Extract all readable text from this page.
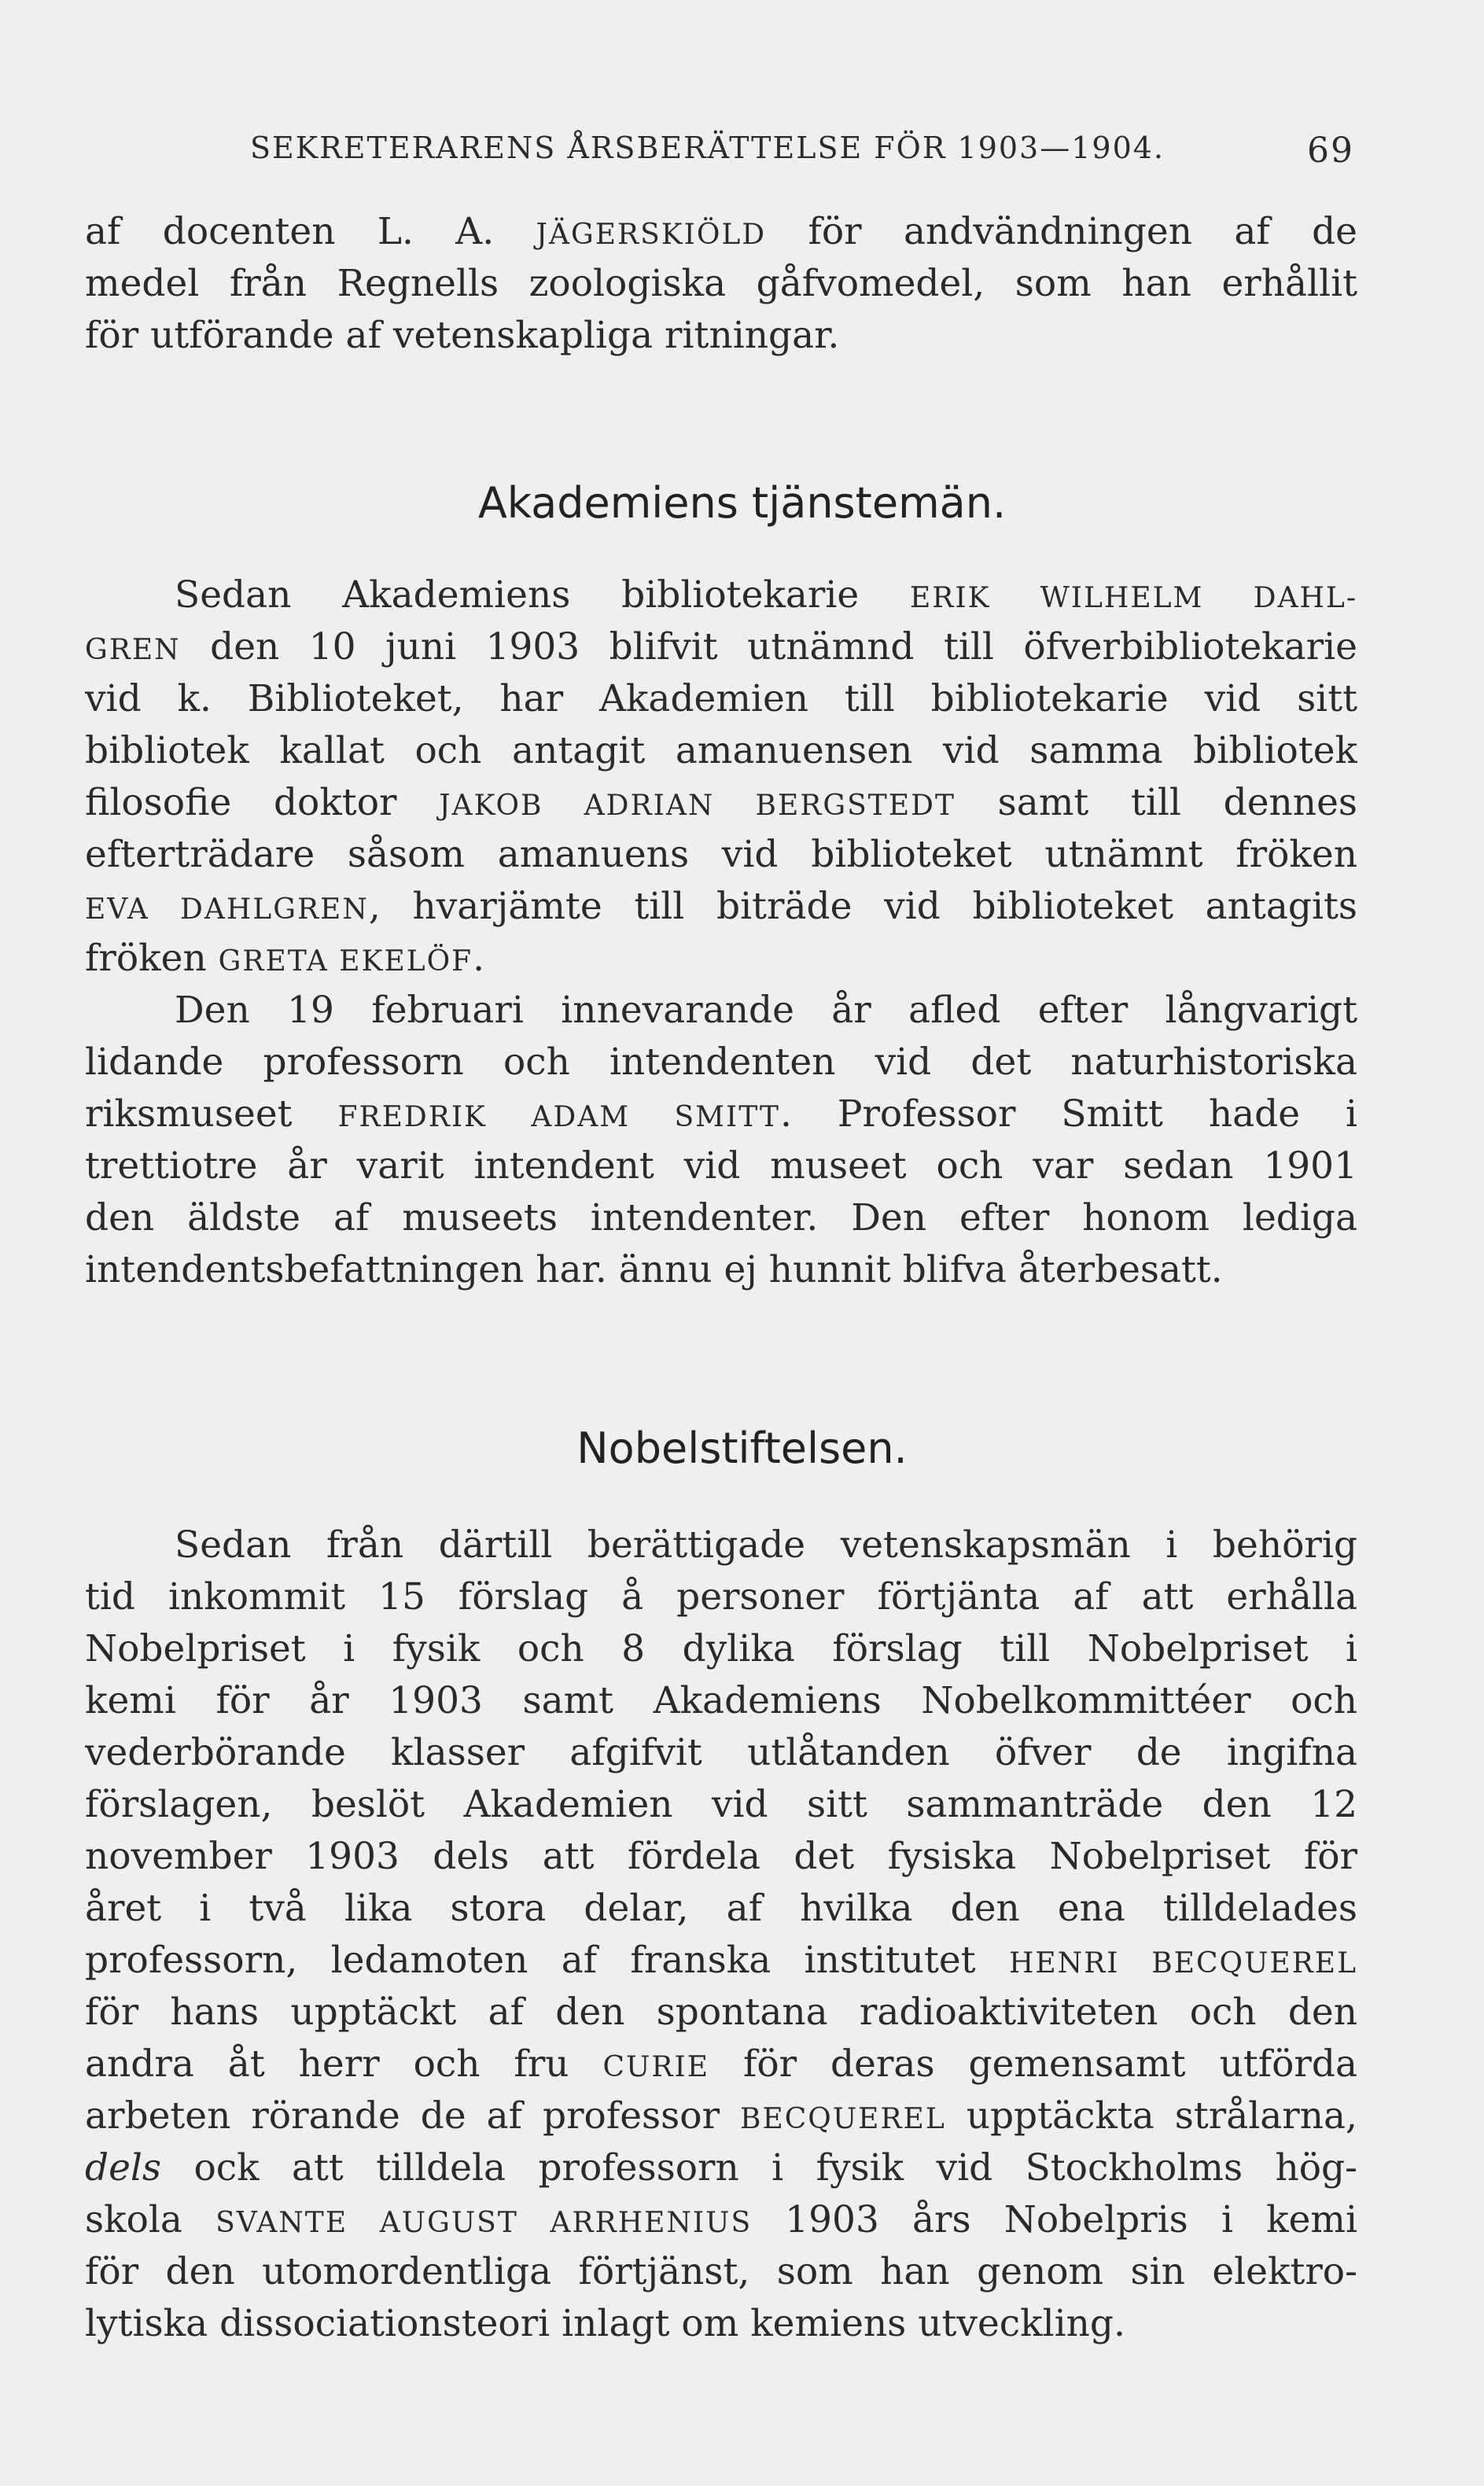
SEKRETERARENS ÅRSBERÄTTELSE FÖR 1903—1904.	69
af docenten L. A. JÄGERSKIÖLD för andvändningen af de
medel från Regnells zoologiska gåfvomedel, som han erhållit
för utförande af vetenskapliga ritningar.
Akademiens tjänstemän.
Sedan Akademiens bibliotekarie ERIK WILHELM DAHL-
GREN den 10 juni 1903 blifvit utnämnd till öfverbibliotekarie
vid k. Biblioteket, har Akademien till bibliotekarie vid sitt
bibliotek kallat och antagit amanuensen vid samma bibliotek
filosofie doktor JAKOB ADRIAN BERGSTEDT samt till dennes
efterträdare såsom amanuens vid biblioteket utnämnt fröken
EVA DAHLGREN, hvarjämte till biträde vid biblioteket antagits
fröken GRETA EKELÖF.
Den 19 februari innevarande år afled efter långvarigt
lidande professorn och intendenten vid det naturhistoriska
riksmuseet FREDRIK ADAM SMITT. Professor Smitt hade i
trettiotre år varit intendent vid museet och var sedan 1901
den äldste af museets intendenter. Den efter honom lediga
intendentsbefattningen har. ännu ej hunnit blifva återbesatt.
Nobelstiftelsen.
Sedan från därtill berättigade vetenskapsmän i behörig
tid inkommit 15 förslag å personer förtjänta af att erhålla
Nobelpriset i fysik och 8 dylika förslag till Nobelpriset i
kemi för år 1903 samt Akademiens Nobelkommittéer och
vederbörande klasser afgifvit utlåtanden öfver de ingifna
förslagen, beslöt Akademien vid sitt sammanträde den 12
november 1903 dels att fördela det fysiska Nobelpriset för
året i två lika stora delar, af hvilka den ena tilldelades
professorn, ledamoten af franska institutet HENRI BECQUEREL
för hans upptäckt af den spontana radioaktiviteten och den
andra åt herr och fru CURIE för deras gemensamt utförda
arbeten rörande de af professor BECQUEREL upptäckta strålarna,
dels ock att tilldela professorn i fysik vid Stockholms hög-
skola SVANTE AUGUST ARRHENIUS 1903 års Nobelpris i kemi
för den utomordentliga förtjänst, som han genom sin elektro-
lytiska dissociationsteori inlagt om kemiens utveckling.
